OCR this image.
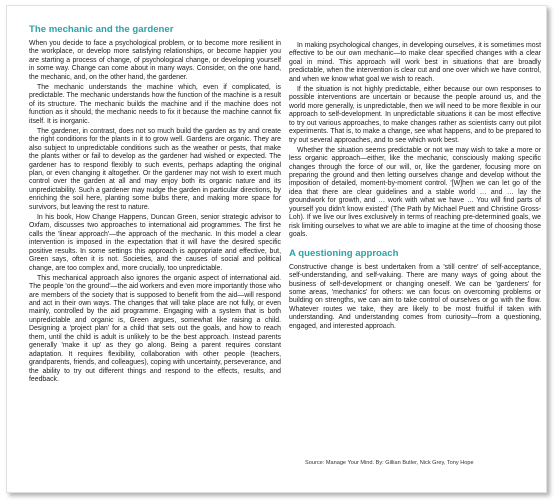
The mechanic and the gardener

When you decide to face a psychological problem, or to become more resilient in the workplace, or develop more satisfying relationships, or become happier you are starting a process of change, of psychological change, or developing yourself in some way. Change can come about in many ways. Consider, on the one hand, the mechanic, and, on the other hand, the gardener.

The mechanic understands the machine which, even if complicated, is predictable. The mechanic understands how the function of the machine is a result of its structure. The mechanic builds the machine and if the machine does not function as it should, the mechanic needs to fix it because the machine cannot fix itself. It is inorganic.

The gardener, in contrast, does not so much build the garden as try and create the right conditions for the plants in it to grow well. Gardens are organic. They are also subject to unpredictable conditions such as the weather or pests, that make the plants wither or fail to develop as the gardener had wished or expected. The gardener has to respond flexibly to such events, perhaps adapting the original plan, or even changing it altogether. Or the gardener may not wish to exert much control over the garden at all and may enjoy both its organic nature and its unpredictability. Such a gardener may nudge the garden in particular directions, by enriching the soil here, planting some bulbs there, and making more space for survivors, but leaving the rest to nature.

In his book, How Change Happens, Duncan Green, senior strategic advisor to Oxfam, discusses two approaches to international aid programmes. The first he calls the 'linear approach'—the approach of the mechanic. In this model a clear intervention is imposed in the expectation that it will have the desired specific positive results. In some settings this approach is appropriate and effective, but, Green says, often it is not. Societies, and the causes of social and political change, are too complex and, more crucially, too unpredictable.

This mechanical approach also ignores the organic aspect of international aid. The people 'on the ground'—the aid workers and even more importantly those who are members of the society that is supposed to benefit from the aid—will respond and act in their own ways. The changes that will take place are not fully, or even mainly, controlled by the aid programme. Engaging with a system that is both unpredictable and organic is, Green argues, somewhat like raising a child. Designing a 'project plan' for a child that sets out the goals, and how to reach them, until the child is adult is unlikely to be the best approach. Instead parents generally 'make it up' as they go along. Being a parent requires constant adaptation. It requires flexibility, collaboration with other people (teachers, grandparents, friends, and colleagues), coping with uncertainty, perseverance, and the ability to try out different things and respond to the effects, results, and feedback.

In making psychological changes, in developing ourselves, it is sometimes most effective to be our own mechanic—to make clear specified changes with a clear goal in mind. This approach will work best in situations that are broadly predictable, when the intervention is clear cut and one over which we have control, and when we know what goal we wish to reach.

If the situation is not highly predictable, either because our own responses to possible interventions are uncertain or because the people around us, and the world more generally, is unpredictable, then we will need to be more flexible in our approach to self-development. In unpredictable situations it can be most effective to try out various approaches, to make changes rather as scientists carry out pilot experiments. That is, to make a change, see what happens, and to be prepared to try out several approaches, and to see which work best.

Whether the situation seems predictable or not we may wish to take a more or less organic approach—either, like the mechanic, consciously making specific changes through the force of our will, or, like the gardener, focusing more on preparing the ground and then letting ourselves change and develop without the imposition of detailed, moment-by-moment control. '[W]hen we can let go of the idea that there are clear guidelines and a stable world … and … lay the groundwork for growth, and … work with what we have … You will find parts of yourself you didn't know existed' (The Path by Michael Puett and Christine Gross-Loh). If we live our lives exclusively in terms of reaching pre-determined goals, we risk limiting ourselves to what we are able to imagine at the time of choosing those goals.

A questioning approach

Constructive change is best undertaken from a 'still centre' of self-acceptance, self-understanding, and self-valuing. There are many ways of going about the business of self-development or changing oneself. We can be 'gardeners' for some areas, 'mechanics' for others: we can focus on overcoming problems or building on strengths, we can aim to take control of ourselves or go with the flow. Whatever routes we take, they are likely to be most fruitful if taken with understanding. And understanding comes from curiosity—from a questioning, engaged, and interested approach.

Source: Manage Your Mind. By: Gillian Butler, Nick Grey, Tony Hope
